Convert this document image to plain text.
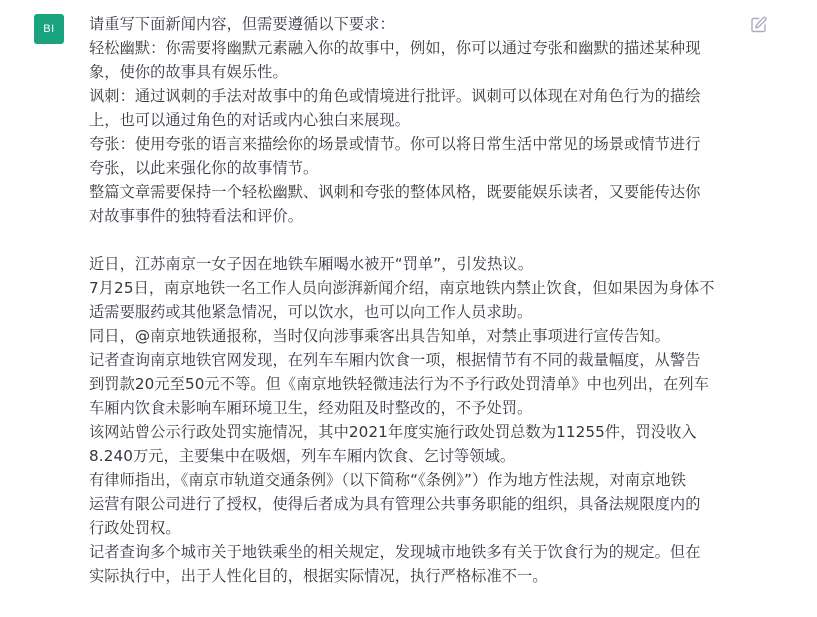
BI	请重写下面新闻内容，但需要遵循以下要求：
轻松幽默：你需要将幽默元素融入你的故事中，例如，你可以通过夸张和幽默的描述某种现
象，使你的故事具有娱乐性。
讽刺：通过讽刺的手法对故事中的角色或情境进行批评。讽刺可以体现在对角色行为的描绘
上，也可以通过角色的对话或内心独白来展现。
夸张：使用夸张的语言来描绘你的场景或情节。你可以将日常生活中常见的场景或情节进行
夸张，以此来强化你的故事情节。
整篇文章需要保持一个轻松幽默、讽刺和夸张的整体风格，既要能娱乐读者，又要能传达你
对故事事件的独特看法和评价。
近日，江苏南京一女子因在地铁车厢喝水被开“罚单”，引发热议。
7月25日，南京地铁一名工作人员向澎湃新闻介绍，南京地铁内禁止饮食，但如果因为身体不
适需要服药或其他紧急情况，可以饮水，也可以向工作人员求助。
同日，@南京地铁通报称，当时仅向涉事乘客出具告知单，对禁止事项进行宣传告知。
记者查询南京地铁官网发现，在列车车厢内饮食一项，根据情节有不同的裁量幅度，从警告
到罚款20元至50元不等。但《南京地铁轻微违法行为不予行政处罚清单》中也列出，在列车
车厢内饮食未影响车厢环境卫生，经劝阻及时整改的，不予处罚。
该网站曾公示行政处罚实施情况，其中2021年度实施行政处罚总数为11255件，罚没收入
8.240万元，主要集中在吸烟，列车车厢内饮食、乞讨等领域。
有律师指出，《南京市轨道交通条例》（以下简称“《条例》”）作为地方性法规，对南京地铁
运营有限公司进行了授权，使得后者成为具有管理公共事务职能的组织，具备法规限度内的
行政处罚权。
记者查询多个城市关于地铁乘坐的相关规定，发现城市地铁多有关于饮食行为的规定。但在
实际执行中，出于人性化目的，根据实际情况，执行严格标准不一。
